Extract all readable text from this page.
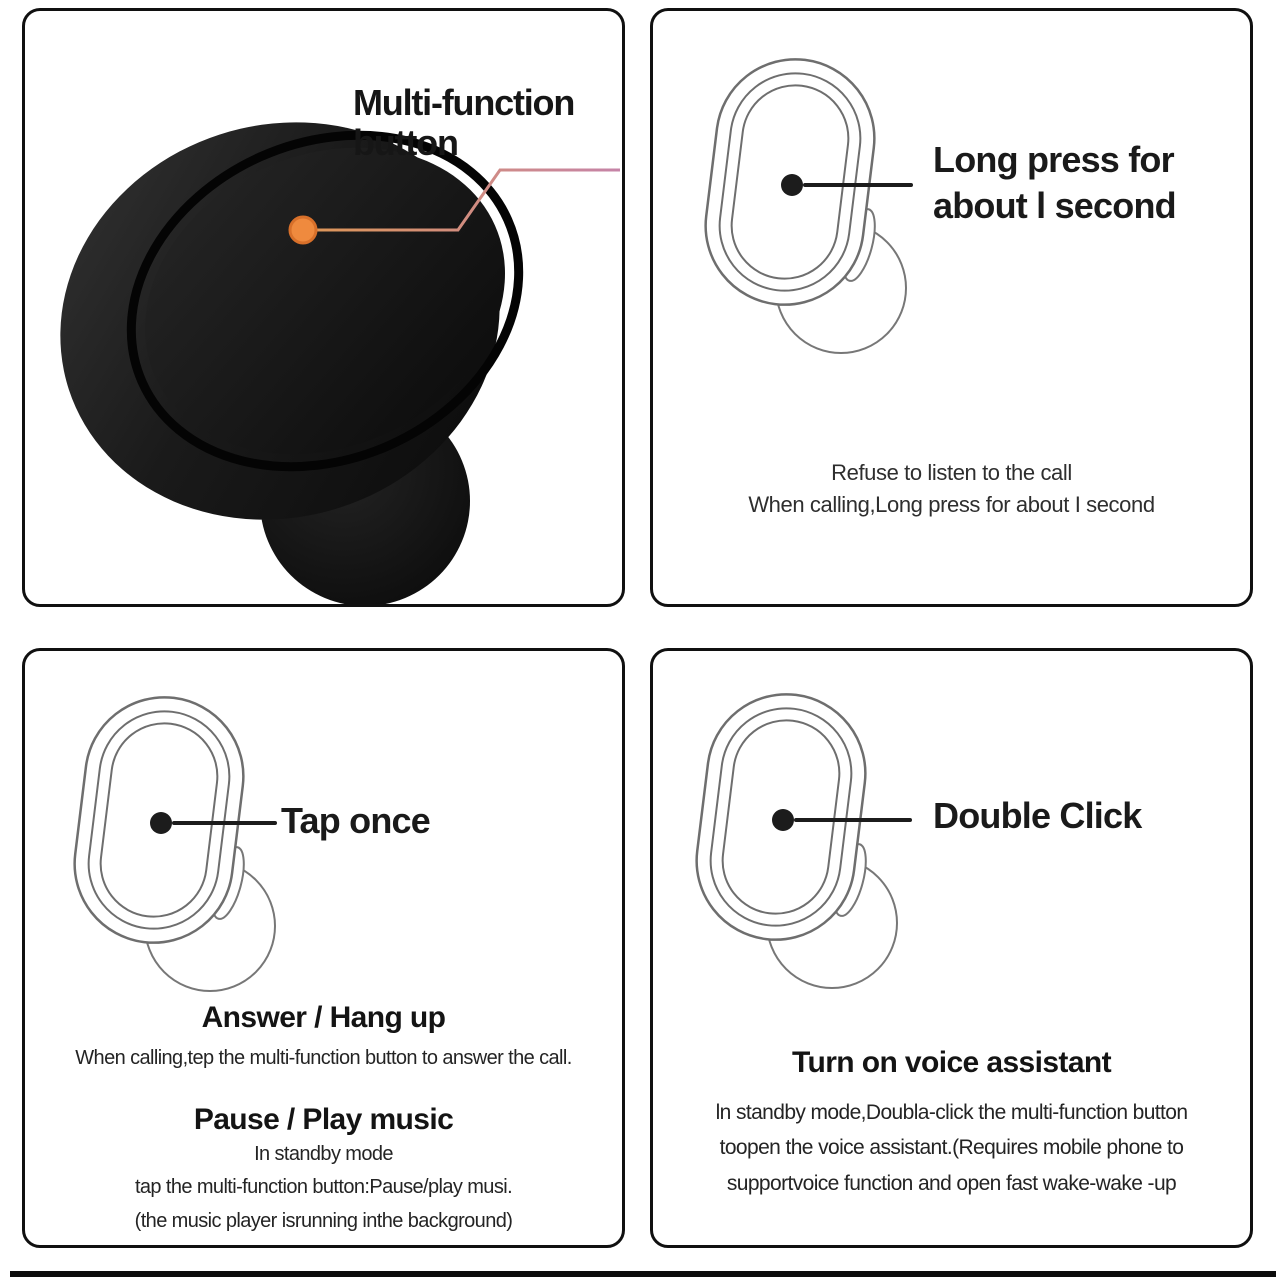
Multi-function
button	Long press for
about l second
Refuse to listen to the call
When calling,Long press for about I second
Tap once
Answer / Hang up
When calling,tep the multi-function button to answer the call.
Pause / Play music
In standby mode
tap the multi-function button:Pause/play musi.
(the music player isrunning inthe background)
Double Click
Turn on voice assistant
ln standby mode,Doubla-click the multi-function button
toopen the voice assistant.(Requires mobile phone to
supportvoice function and open fast wake-wake -up
